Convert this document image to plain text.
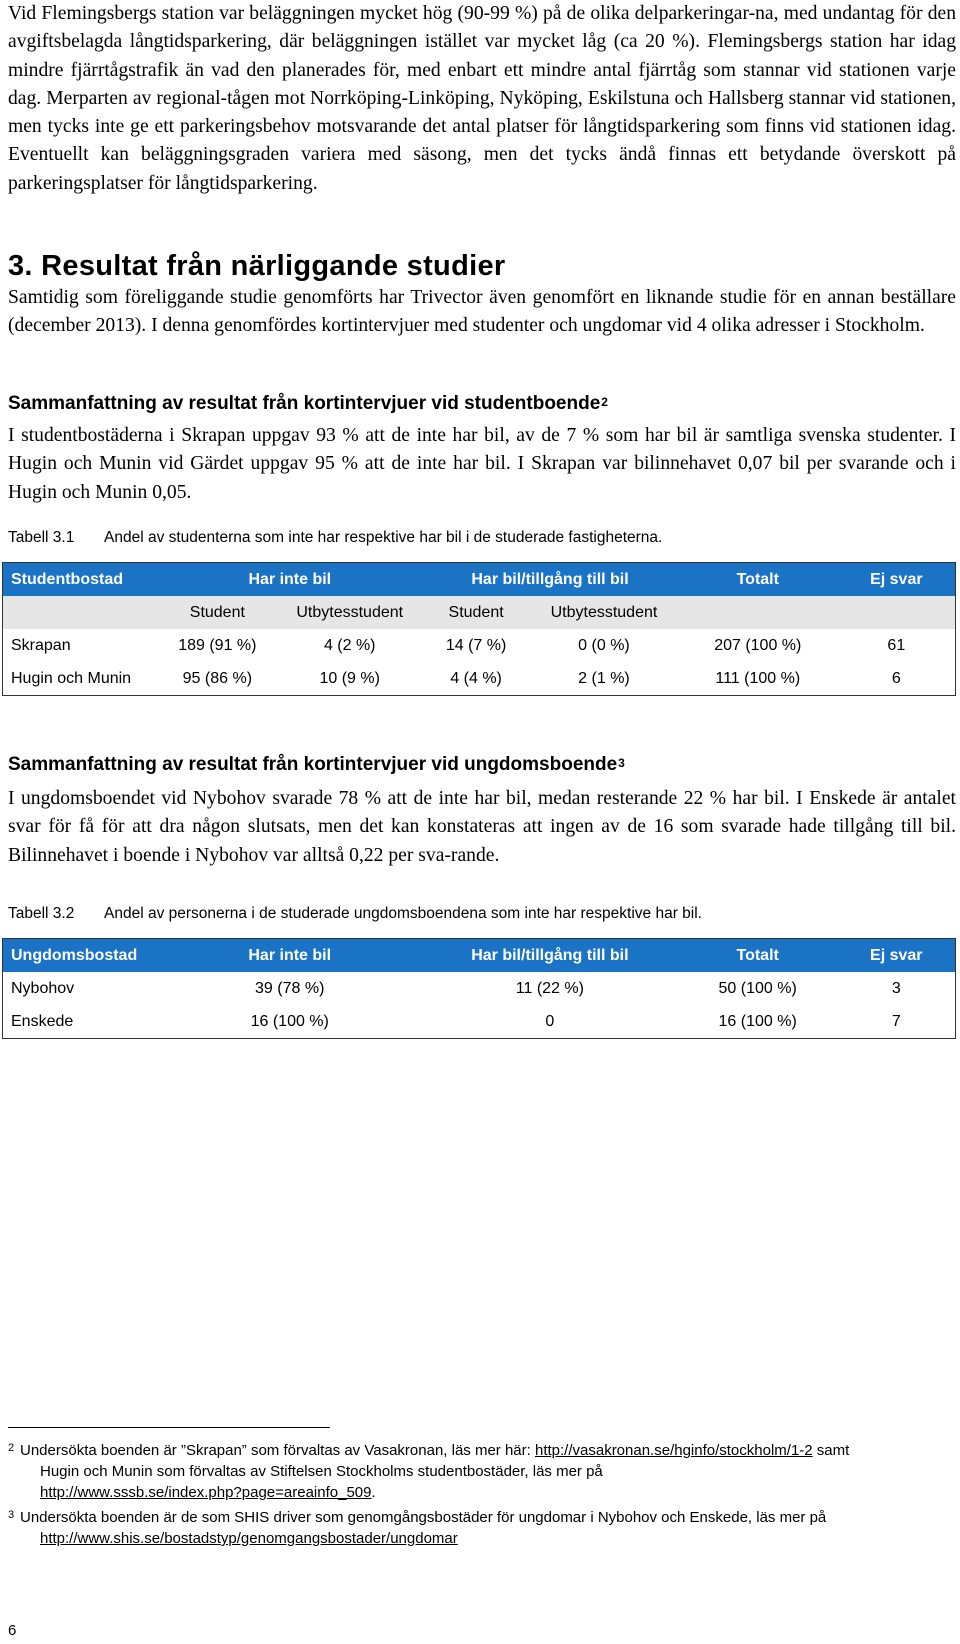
Vid Flemingsbergs station var beläggningen mycket hög (90-99 %) på de olika delparkeringar-na, med undantag för den avgiftsbelagda långtidsparkering, där beläggningen istället var mycket låg (ca 20 %). Flemingsbergs station har idag mindre fjärrtågstrafik än vad den planerades för, med enbart ett mindre antal fjärrtåg som stannar vid stationen varje dag. Merparten av regional-tågen mot Norrköping-Linköping, Nyköping, Eskilstuna och Hallsberg stannar vid stationen, men tycks inte ge ett parkeringsbehov motsvarande det antal platser för långtidsparkering som finns vid stationen idag. Eventuellt kan beläggningsgraden variera med säsong, men det tycks ändå finnas ett betydande överskott på parkeringsplatser för långtidsparkering.

3. Resultat från närliggande studier

Samtidig som föreliggande studie genomförts har Trivector även genomfört en liknande studie för en annan beställare (december 2013). I denna genomfördes kortintervjuer med studenter och ungdomar vid 4 olika adresser i Stockholm.

Sammanfattning av resultat från kortintervjuer vid studentboende$^2$

I studentbostäderna i Skrapan uppgav 93 % att de inte har bil, av de 7 % som har bil är samtliga svenska studenter. I Hugin och Munin vid Gärdet uppgav 95 % att de inte har bil. I Skrapan var bilinnehavet 0,07 bil per svarande och i Hugin och Munin 0,05.

Tabell 3.1 Andel av studenterna som inte har respektive har bil i de studerade fastigheterna.

Studentbostad	Har inte bil		Har bil/tillgång till bil		Totalt	Ej svar
	Student	Utbytesstudent	Student	Utbytesstudent		
Skrapan	189 (91 %)	4 (2 %)	14 (7 %)	0 (0 %)	207 (100 %)	61
Hugin och Munin	95 (86 %)	10 (9 %)	4 (4 %)	2 (1 %)	111 (100 %)	6
Sammanfattning av resultat från kortintervjuer vid ungdomsboende$^3$

I ungdomsboendet vid Nybohov svarade 78 % att de inte har bil, medan resterande 22 % har bil. I Enskede är antalet svar för få för att dra någon slutsats, men det kan konstateras att ingen av de 16 som svarade hade tillgång till bil. Bilinnehavet i boende i Nybohov var alltså 0,22 per sva-rande.

Tabell 3.2 Andel av personerna i de studerade ungdomsboendena som inte har respektive har bil.

Ungdomsbostad	Har inte bil	Har bil/tillgång till bil	Totalt	Ej svar
Nybohov	39 (78 %)	11 (22 %)	50 (100 %)	3
Enskede	16 (100 %)	0	16 (100 %)	7

2 Undersökta boenden är ”Skrapan” som förvaltas av Vasakronan, läs mer här: http://vasakronan.se/hginfo/stockholm/1-2 samt
Hugin och Munin som förvaltas av Stiftelsen Stockholms studentbostäder, läs mer på
http://www.sssb.se/index.php?page=areainfo_509.

3 Undersökta boenden är de som SHIS driver som genomgångsbostäder för ungdomar i Nybohov och Enskede, läs mer på
http://www.shis.se/bostadstyp/genomgangsbostader/ungdomar

6
